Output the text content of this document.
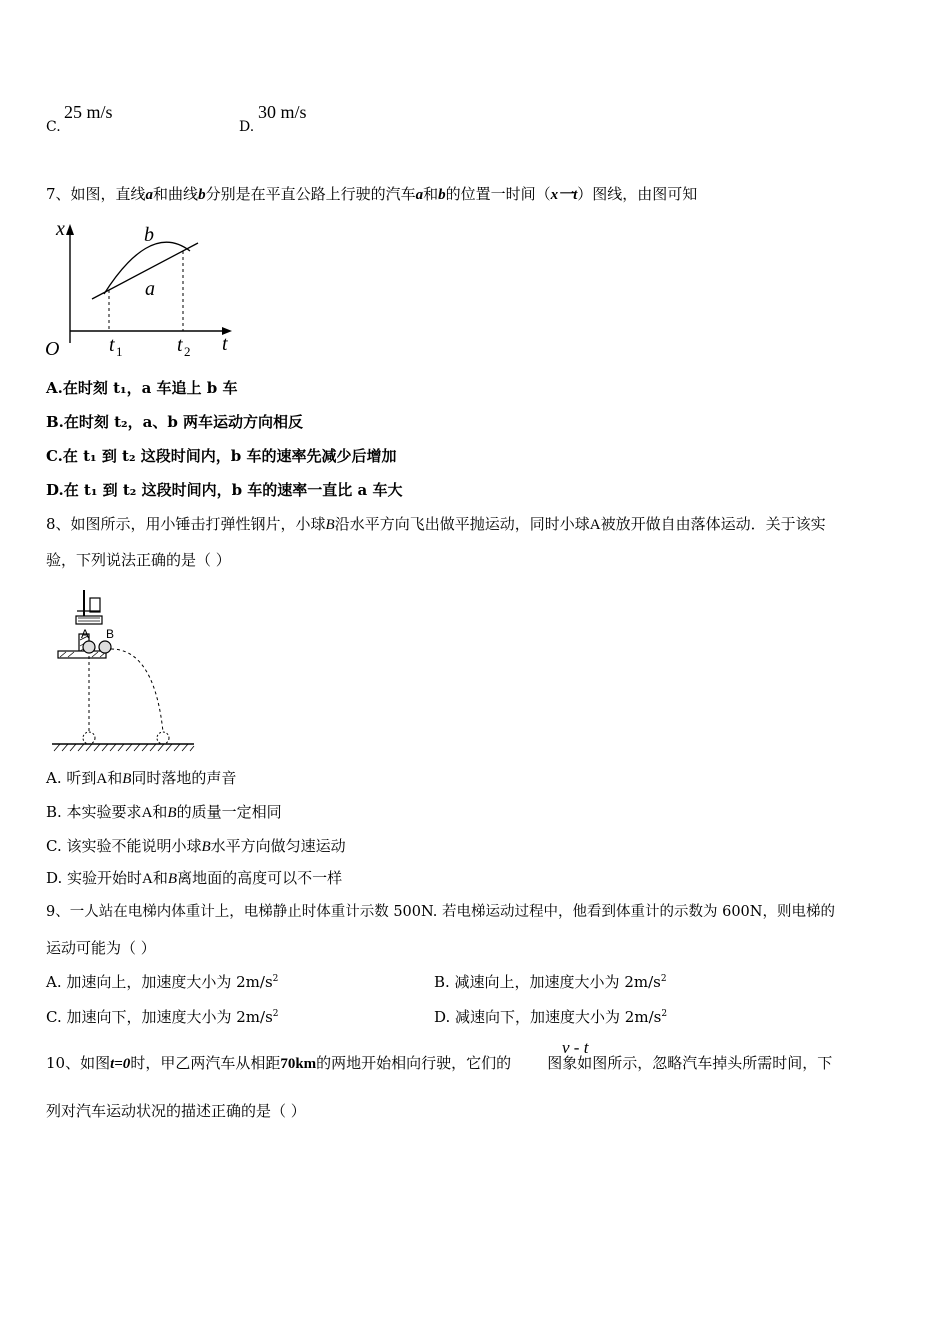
C.
25 m/s
D.
30 m/s
7、如图，直线a和曲线b分别是在平直公路上行驶的汽车a和b的位置一时间（x一t）图线，由图可知
x	b
a
O t 1	t 2 t
A.在时刻 t₁，a 车追上 b 车
B.在时刻 t₂，a、b 两车运动方向相反
C.在 t₁ 到 t₂ 这段时间内，b 车的速率先减少后增加
D.在 t₁ 到 t₂ 这段时间内，b 车的速率一直比 a 车大
8、如图所示，用小锤击打弹性钢片，小球B沿水平方向飞出做平抛运动，同时小球A被放开做自由落体运动．关于该实
验，下列说法正确的是（ ）
A B
A. 听到A和B同时落地的声音
B. 本实验要求A和B的质量一定相同
C. 该实验不能说明小球B水平方向做匀速运动
D. 实验开始时A和B离地面的高度可以不一样
9、一人站在电梯内体重计上，电梯静止时体重计示数 500N. 若电梯运动过程中，他看到体重计的示数为 600N，则电梯的
运动可能为（ ）
A. 加速向上，加速度大小为 $2m/s^2$	B. 减速向上，加速度大小为 $2m/s^2$
C. 加速向下，加速度大小为 $2m/s^2$	D. 减速向下，加速度大小为 $2m/s^2$
10、如图t=0时，甲乙两汽车从相距70km的两地开始相向行驶，它们的 图象如图所示，忽略汽车掉头所需时间，下
v - t
列对汽车运动状况的描述正确的是（ ）
